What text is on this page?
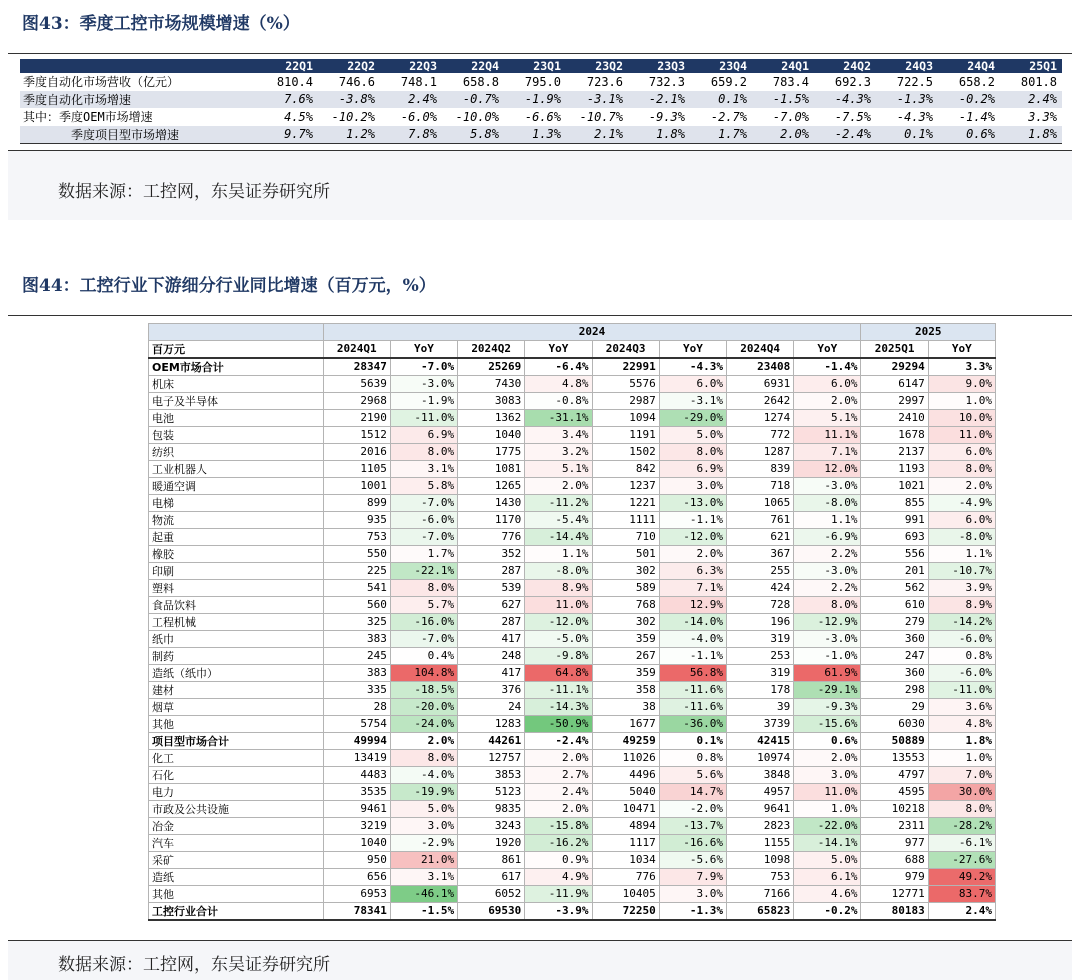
图43：季度工控市场规模增速（%）
	22Q1	22Q2	22Q3	22Q4	23Q1	23Q2	23Q3	23Q4	24Q1	24Q2	24Q3	24Q4	25Q1
季度自动化市场营收（亿元）	810.4	746.6	748.1	658.8	795.0	723.6	732.3	659.2	783.4	692.3	722.5	658.2	801.8
季度自动化市场增速	7.6%	-3.8%	2.4%	-0.7%	-1.9%	-3.1%	-2.1%	0.1%	-1.5%	-4.3%	-1.3%	-0.2%	2.4%
其中：季度OEM市场增速	4.5%	-10.2%	-6.0%	-10.0%	-6.6%	-10.7%	-9.3%	-2.7%	-7.0%	-7.5%	-4.3%	-1.4%	3.3%
季度项目型市场增速	9.7%	1.2%	7.8%	5.8%	1.3%	2.1%	1.8%	1.7%	2.0%	-2.4%	0.1%	0.6%	1.8%
数据来源：工控网，东吴证券研究所
图44：工控行业下游细分行业同比增速（百万元，%）
	2024								2025	
百万元	2024Q1	YoY	2024Q2	YoY	2024Q3	YoY	2024Q4	YoY	2025Q1	YoY
OEM市场合计	28347	-7.0%	25269	-6.4%	22991	-4.3%	23408	-1.4%	29294	3.3%
机床	5639	-3.0%	7430	4.8%	5576	6.0%	6931	6.0%	6147	9.0%
电子及半导体	2968	-1.9%	3083	-0.8%	2987	-3.1%	2642	2.0%	2997	1.0%
电池	2190	-11.0%	1362	-31.1%	1094	-29.0%	1274	5.1%	2410	10.0%
包装	1512	6.9%	1040	3.4%	1191	5.0%	772	11.1%	1678	11.0%
纺织	2016	8.0%	1775	3.2%	1502	8.0%	1287	7.1%	2137	6.0%
工业机器人	1105	3.1%	1081	5.1%	842	6.9%	839	12.0%	1193	8.0%
暖通空调	1001	5.8%	1265	2.0%	1237	3.0%	718	-3.0%	1021	2.0%
电梯	899	-7.0%	1430	-11.2%	1221	-13.0%	1065	-8.0%	855	-4.9%
物流	935	-6.0%	1170	-5.4%	1111	-1.1%	761	1.1%	991	6.0%
起重	753	-7.0%	776	-14.4%	710	-12.0%	621	-6.9%	693	-8.0%
橡胶	550	1.7%	352	1.1%	501	2.0%	367	2.2%	556	1.1%
印刷	225	-22.1%	287	-8.0%	302	6.3%	255	-3.0%	201	-10.7%
塑料	541	8.0%	539	8.9%	589	7.1%	424	2.2%	562	3.9%
食品饮料	560	5.7%	627	11.0%	768	12.9%	728	8.0%	610	8.9%
工程机械	325	-16.0%	287	-12.0%	302	-14.0%	196	-12.9%	279	-14.2%
纸巾	383	-7.0%	417	-5.0%	359	-4.0%	319	-3.0%	360	-6.0%
制药	245	0.4%	248	-9.8%	267	-1.1%	253	-1.0%	247	0.8%
造纸（纸巾）	383	104.8%	417	64.8%	359	56.8%	319	61.9%	360	-6.0%
建材	335	-18.5%	376	-11.1%	358	-11.6%	178	-29.1%	298	-11.0%
烟草	28	-20.0%	24	-14.3%	38	-11.6%	39	-9.3%	29	3.6%
其他	5754	-24.0%	1283	-50.9%	1677	-36.0%	3739	-15.6%	6030	4.8%
项目型市场合计	49994	2.0%	44261	-2.4%	49259	0.1%	42415	0.6%	50889	1.8%
化工	13419	8.0%	12757	2.0%	11026	0.8%	10974	2.0%	13553	1.0%
石化	4483	-4.0%	3853	2.7%	4496	5.6%	3848	3.0%	4797	7.0%
电力	3535	-19.9%	5123	2.4%	5040	14.7%	4957	11.0%	4595	30.0%
市政及公共设施	9461	5.0%	9835	2.0%	10471	-2.0%	9641	1.0%	10218	8.0%
冶金	3219	3.0%	3243	-15.8%	4894	-13.7%	2823	-22.0%	2311	-28.2%
汽车	1040	-2.9%	1920	-16.2%	1117	-16.6%	1155	-14.1%	977	-6.1%
采矿	950	21.0%	861	0.9%	1034	-5.6%	1098	5.0%	688	-27.6%
造纸	656	3.1%	617	4.9%	776	7.9%	753	6.1%	979	49.2%
其他	6953	-46.1%	6052	-11.9%	10405	3.0%	7166	4.6%	12771	83.7%
工控行业合计	78341	-1.5%	69530	-3.9%	72250	-1.3%	65823	-0.2%	80183	2.4%
数据来源：工控网，东吴证券研究所
